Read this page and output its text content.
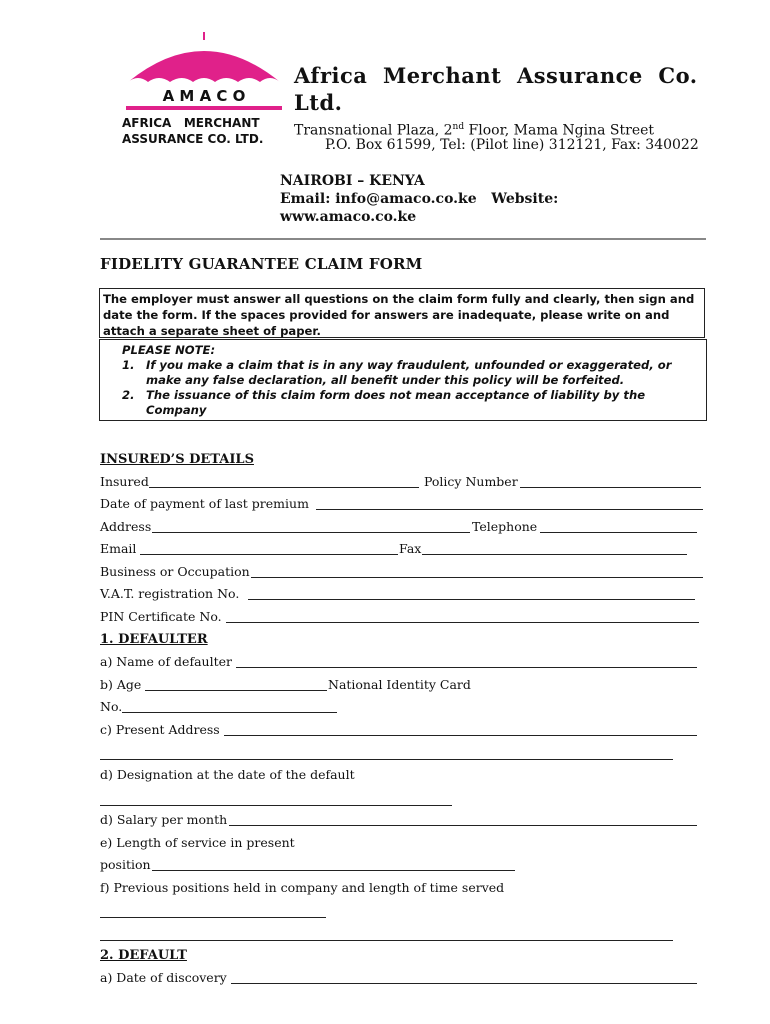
A M A C O
AFRICA   MERCHANT
ASSURANCE CO. LTD.
Africa  Merchant  Assurance  Co.
Ltd.
Transnational Plaza, 2nd Floor, Mama Ngina Street
P.O. Box 61599, Tel: (Pilot line) 312121, Fax: 340022
NAIROBI – KENYA
Email: info@amaco.co.ke   Website:
www.amaco.co.ke
FIDELITY GUARANTEE CLAIM FORM
The employer must answer all questions on the claim form fully and clearly, then sign and date the form. If the spaces provided for answers are inadequate, please write on and attach a separate sheet of paper.
PLEASE NOTE:
1. If you make a claim that is in any way fraudulent, unfounded or exaggerated, or make any false declaration, all benefit under this policy will be forfeited.
2. The issuance of this claim form does not mean acceptance of liability by the Company
INSURED’S DETAILS
Insured	Policy Number
Date of payment of last premium
Address	Telephone
Email	Fax
Business or Occupation
V.A.T. registration No.
PIN Certificate No.
1. DEFAULTER
a) Name of defaulter
b) Age	National Identity Card
No.
c) Present Address
d) Designation at the date of the default
d) Salary per month
e) Length of service in present
position
f) Previous positions held in company and length of time served
2. DEFAULT
a) Date of discovery
